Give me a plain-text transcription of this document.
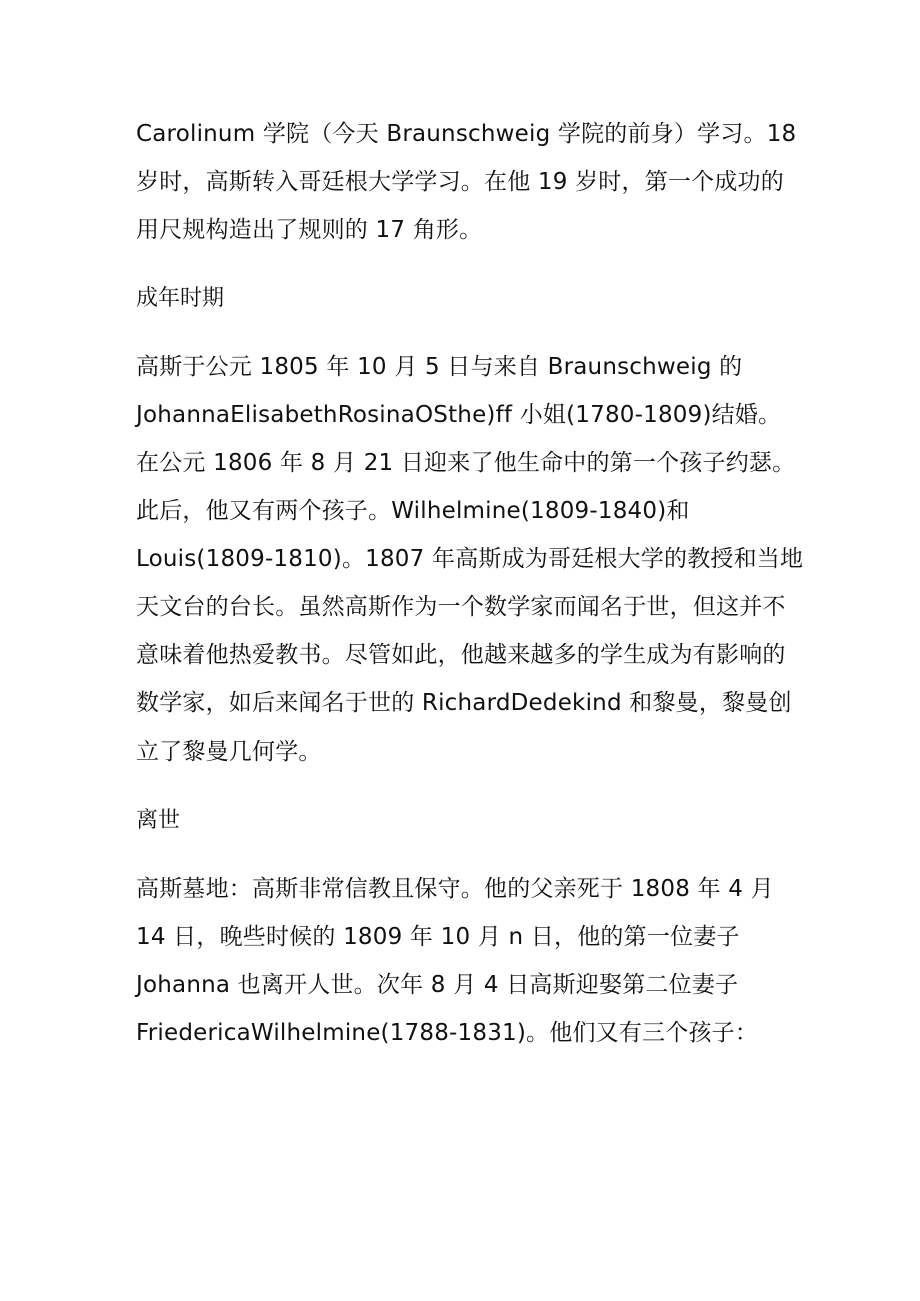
Carolinum 学院（今天 Braunschweig 学院的前身）学习。18
岁时，高斯转入哥廷根大学学习。在他 19 岁时，第一个成功的
用尺规构造出了规则的 17 角形。
成年时期
高斯于公元 1805 年 10 月 5 日与来自 Braunschweig 的
JohannaElisabethRosinaOSthe)ff 小姐(1780-1809)结婚。
在公元 1806 年 8 月 21 日迎来了他生命中的第一个孩子约瑟。
此后，他又有两个孩子。Wilhelmine(1809-1840)和
Louis(1809-1810)。1807 年高斯成为哥廷根大学的教授和当地
天文台的台长。虽然高斯作为一个数学家而闻名于世，但这并不
意味着他热爱教书。尽管如此，他越来越多的学生成为有影响的
数学家，如后来闻名于世的 RichardDedekind 和黎曼，黎曼创
立了黎曼几何学。
离世
高斯墓地：高斯非常信教且保守。他的父亲死于 1808 年 4 月
14 日，晚些时候的 1809 年 10 月 n 日，他的第一位妻子
Johanna 也离开人世。次年 8 月 4 日高斯迎娶第二位妻子
FriedericaWilhelmine(1788-1831)。他们又有三个孩子：
